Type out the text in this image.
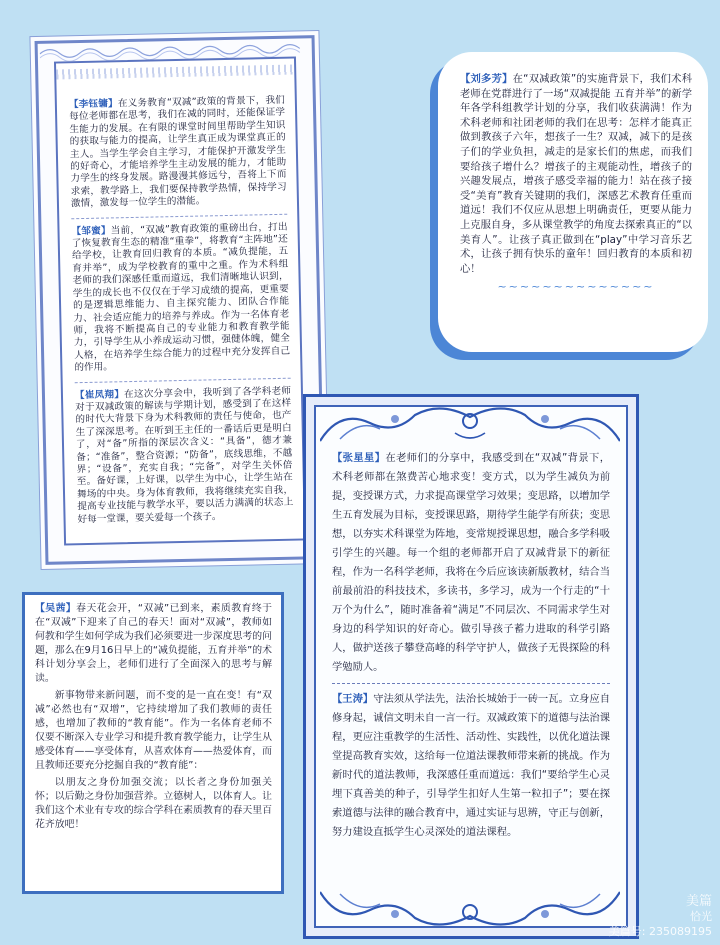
【李钰镛】在义务教育“双减”政策的背景下，我们每位老师都在思考，我们在减的同时，还能保证学生能力的发展。在有限的课堂时间里帮助学生知识的获取与能力的提高，让学生真正成为课堂真正的主人。当学生学会自主学习，才能保护开激发学生的好奇心，才能培养学生主动发展的能力，才能助力学生的终身发展。路漫漫其修远兮，吾将上下而求索，教学路上，我们要保持教学热情，保持学习激情，激发每一位学生的潜能。

【邹蜜】当前，“双减”教育政策的重磅出台，打出了恢复教育生态的精准“重拳”，将教育“主阵地”还给学校，让教育回归教育的本质。“减负提能，五育并举”，成为学校教育的重中之重。作为术科组老师的我们深感任重而道远，我们清晰地认识到，学生的成长也不仅仅在于学习成绩的提高，更重要的是逻辑思维能力、自主探究能力、团队合作能力、社会适应能力的培养与养成。作为一名体育老师，我将不断提高自己的专业能力和教育教学能力，引导学生从小养成运动习惯，强健体魄，健全人格，在培养学生综合能力的过程中充分发挥自己的作用。

【崔凤翔】在这次分享会中，我听到了各学科老师对于双减政策的解读与学期计划，感受到了在这样的时代大背景下身为术科教师的责任与使命，也产生了深深思考。在听到王主任的一番话后更是明白了，对“备”所指的深层次含义：“具备”，德才兼备；“准备”，整合资源；“防备”，底线思维，不越界；“设备”，充实自我；“完备”，对学生关怀倍至。备好课，上好课，以学生为中心，让学生站在舞场的中央。身为体育教师，我将继续充实自我，提高专业技能与教学水平，要以活力满满的状态上好每一堂课，要关爱每一个孩子。

【刘多芳】在“双减政策”的实施背景下，我们术科老师在党群进行了一场“双减提能 五育并举”的新学年各学科组教学计划的分享，我们收获满满！作为术科老师和社团老师的我们在思考：怎样才能真正做到教孩子六年，想孩子一生？双减，减下的是孩子们的学业负担，减走的是家长们的焦虑，而我们要给孩子增什么？增孩子的主观能动性，增孩子的兴趣发展点，增孩子感受幸福的能力！站在孩子接受“美育”教育关键期的我们，深感艺术教育任重而道远！我们不仅应从思想上明确责任，更要从能力上克服自身，多从课堂教学的角度去探索真正的“以美育人”。让孩子真正做到在“play”中学习音乐艺术，让孩子拥有快乐的童年！回归教育的本质和初心！

~~~~~~~~~~~~~~

【吴茜】春天花会开，“双减”已到来，素质教育终于在“双减”下迎来了自己的春天！面对“双减”，教师如何教和学生如何学成为我们必须要进一步深度思考的问题，那么在9月16日早上的“减负提能，五育并举”的术科计划分享会上，老师们进行了全面深入的思考与解读。

新事物带来新问题，而不变的是一直在变！有“双减”必然也有“双增”，它持续增加了我们教师的责任感，也增加了教师的“教育能”。作为一名体育老师不仅要不断深入专业学习和提升教育教学能力，让学生从感受体育——享受体育，从喜欢体育——热爱体育，而且教师还要充分挖掘自我的“教育能”：

以朋友之身份加强交流；以长者之身份加强关怀；以后勤之身份加强营养。立德树人，以体育人。让我们这个术业有专攻的综合学科在素质教育的春天里百花齐放吧！

【张星星】在老师们的分享中，我感受到在“双减”背景下，术科老师都在煞费苦心地求变！变方式，以为学生减负为前提，变授课方式，力求提高课堂学习效果；变思路，以增加学生五育发展为目标，变授课思路，期待学生能学有所获；变思想，以夯实术科课堂为阵地，变常规授课思想，融合多学科吸引学生的兴趣。每一个组的老师都开启了双减背景下的新征程，作为一名科学老师，我将在今后应该读新版教材，结合当前最前沿的科技技术，多读书，多学习，成为一个行走的“十万个为什么”，随时准备着“满足”不同层次、不同需求学生对身边的科学知识的好奇心。做引导孩子蓄力进取的科学引路人，做护送孩子攀登高峰的科学守护人，做孩子无畏探险的科学勉励人。

【王涛】守法须从学法先，法治长城始于一砖一瓦。立身应自修身起，诚信文明未自一言一行。双减政策下的道德与法治课程，更应注重教学的生活性、活动性、实践性，以优化道法课堂提高教育实效，这给每一位道法课教师带来新的挑战。作为新时代的道法教师，我深感任重而道远：我们“要给学生心灵埋下真善美的种子，引导学生扣好人生第一粒扣子”；要在探索道德与法律的融合教育中，通过实证与思辨，守正与创新，努力建设直抵学生心灵深处的道法课程。

美篇
恰光
美篇号: 235089195
